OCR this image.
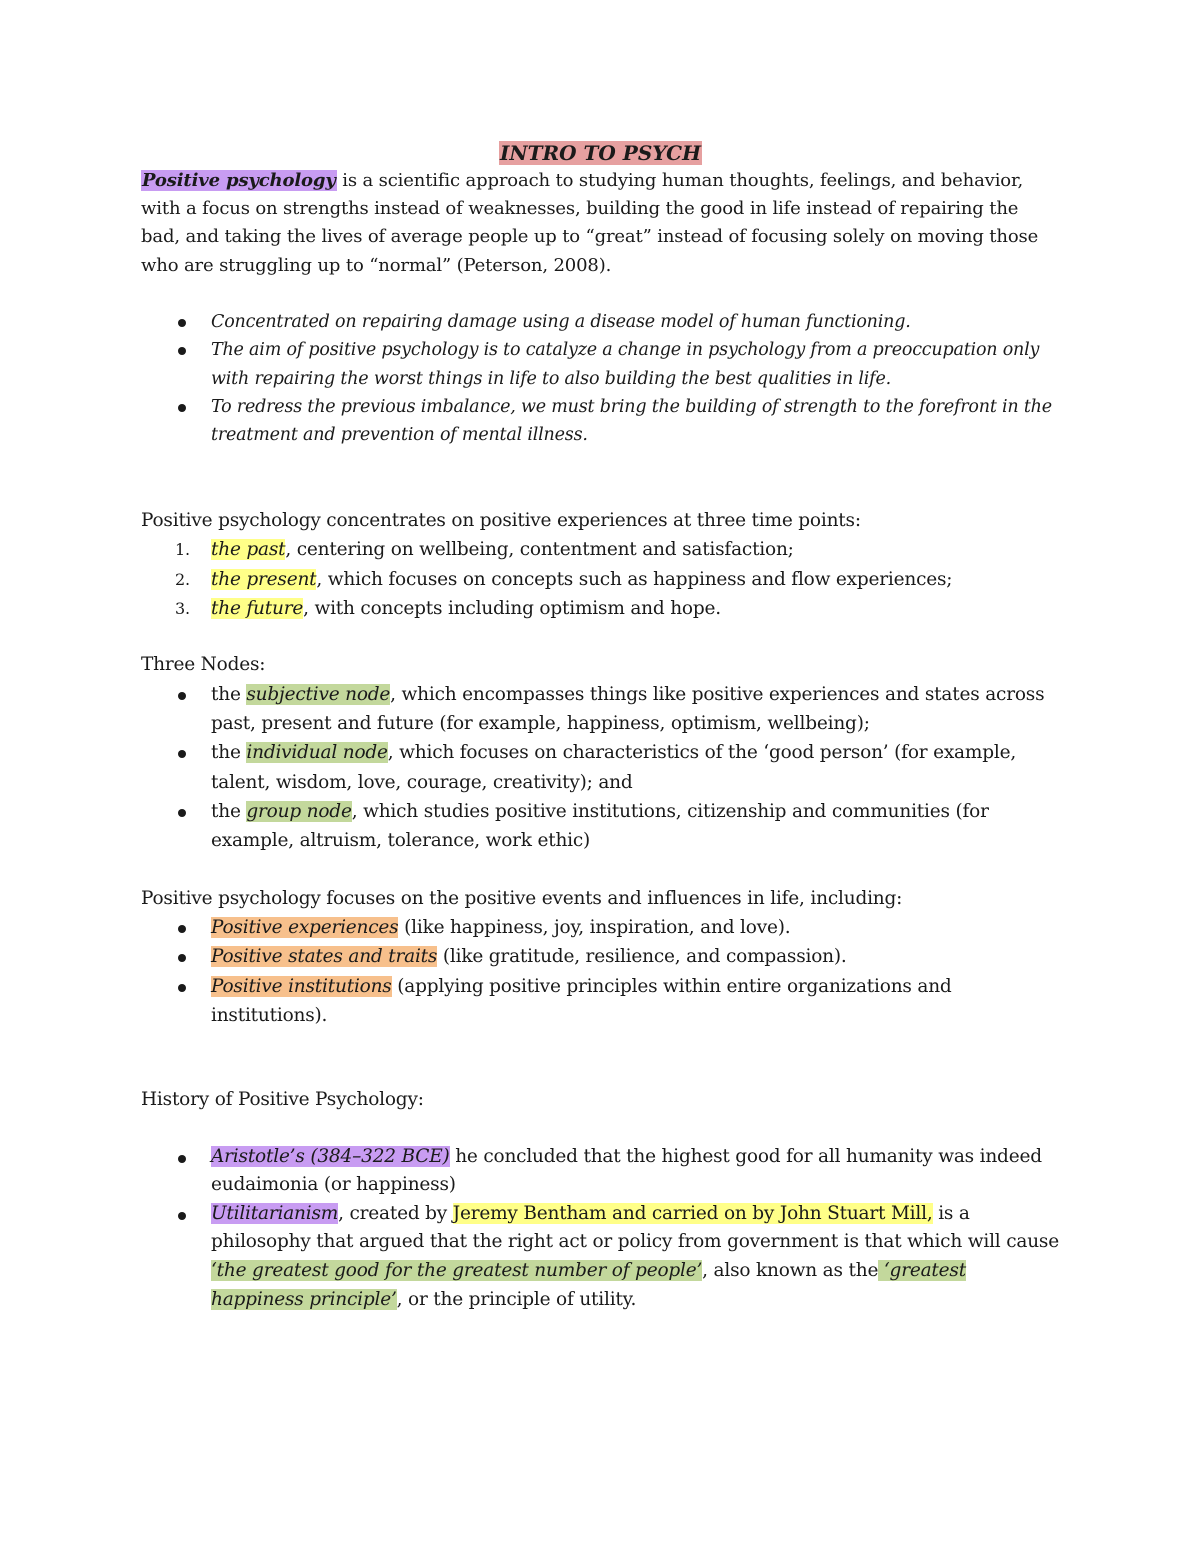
INTRO TO PSYCH

Positive psychology is a scientific approach to studying human thoughts, feelings, and behavior, with a focus on strengths instead of weaknesses, building the good in life instead of repairing the bad, and taking the lives of average people up to “great” instead of focusing solely on moving those who are struggling up to “normal” (Peterson, 2008).

Concentrated on repairing damage using a disease model of human functioning.
The aim of positive psychology is to catalyze a change in psychology from a preoccupation only with repairing the worst things in life to also building the best qualities in life.
To redress the previous imbalance, we must bring the building of strength to the forefront in the treatment and prevention of mental illness.

Positive psychology concentrates on positive experiences at three time points:

1. the past, centering on wellbeing, contentment and satisfaction;
2. the present, which focuses on concepts such as happiness and flow experiences;
3. the future, with concepts including optimism and hope.

Three Nodes:

the subjective node, which encompasses things like positive experiences and states across past, present and future (for example, happiness, optimism, wellbeing);
the individual node, which focuses on characteristics of the ‘good person’ (for example, talent, wisdom, love, courage, creativity); and
the group node, which studies positive institutions, citizenship and communities (for example, altruism, tolerance, work ethic)

Positive psychology focuses on the positive events and influences in life, including:

Positive experiences (like happiness, joy, inspiration, and love).
Positive states and traits (like gratitude, resilience, and compassion).
Positive institutions (applying positive principles within entire organizations and institutions).

History of Positive Psychology:

Aristotle’s (384–322 BCE) he concluded that the highest good for all humanity was indeed eudaimonia (or happiness)
Utilitarianism, created by Jeremy Bentham and carried on by John Stuart Mill, is a philosophy that argued that the right act or policy from government is that which will cause ‘the greatest good for the greatest number of people’, also known as the ‘greatest happiness principle’, or the principle of utility.
